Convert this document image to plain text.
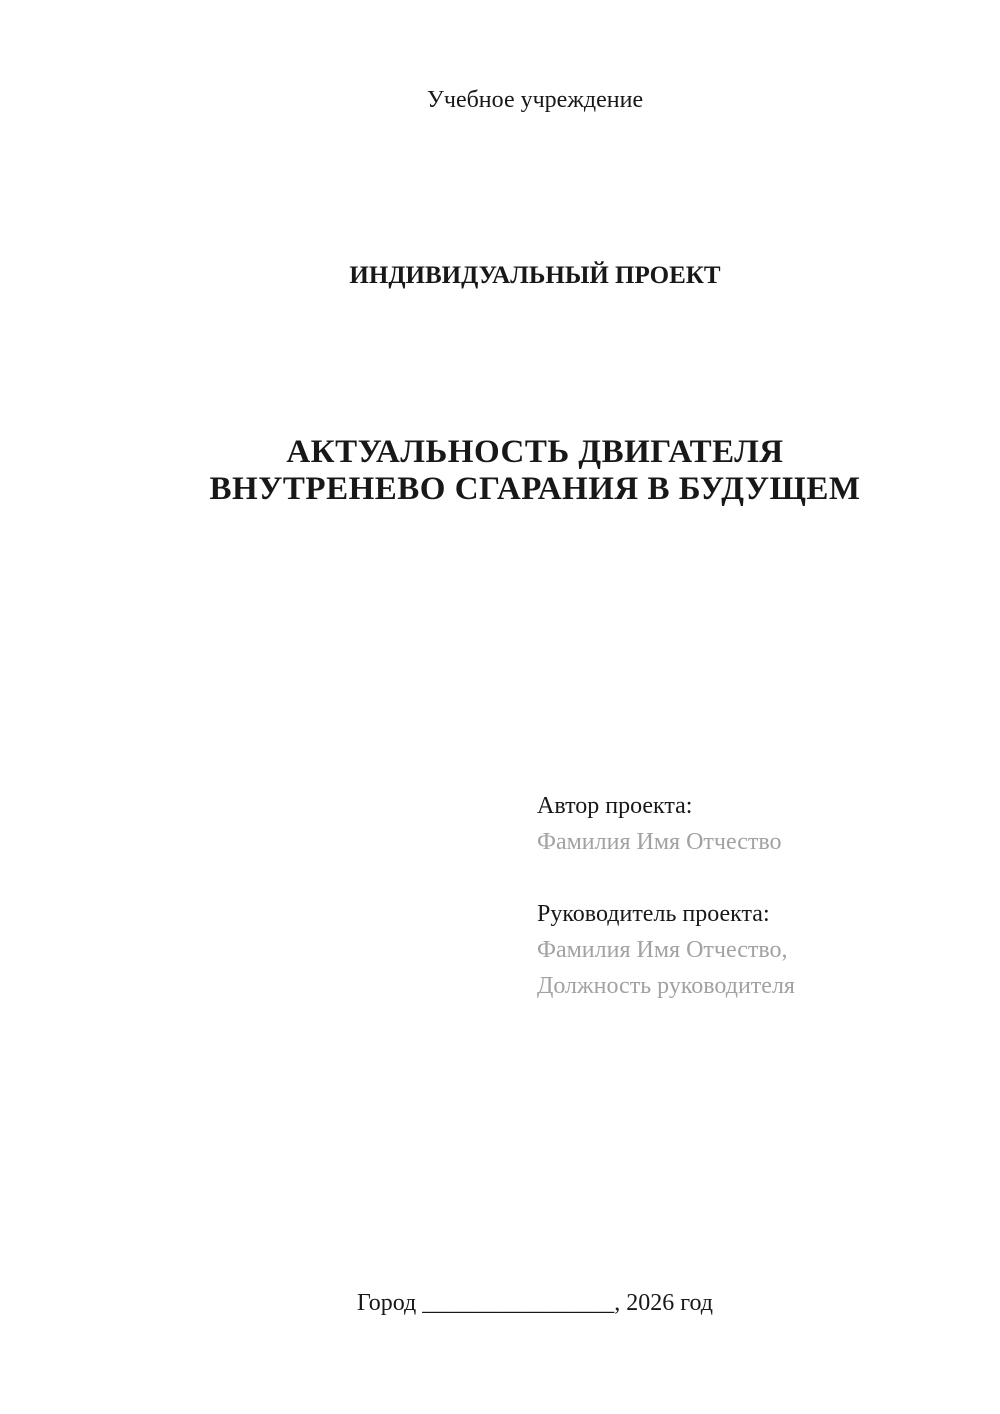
Учебное учреждение
ИНДИВИДУАЛЬНЫЙ ПРОЕКТ
АКТУАЛЬНОСТЬ ДВИГАТЕЛЯ
ВНУТРЕНЕВО СГАРАНИЯ В БУДУЩЕМ
Автор проекта:
Фамилия Имя Отчество
Руководитель проекта:
Фамилия Имя Отчество,
Должность руководителя
Город ________________, 2026 год
